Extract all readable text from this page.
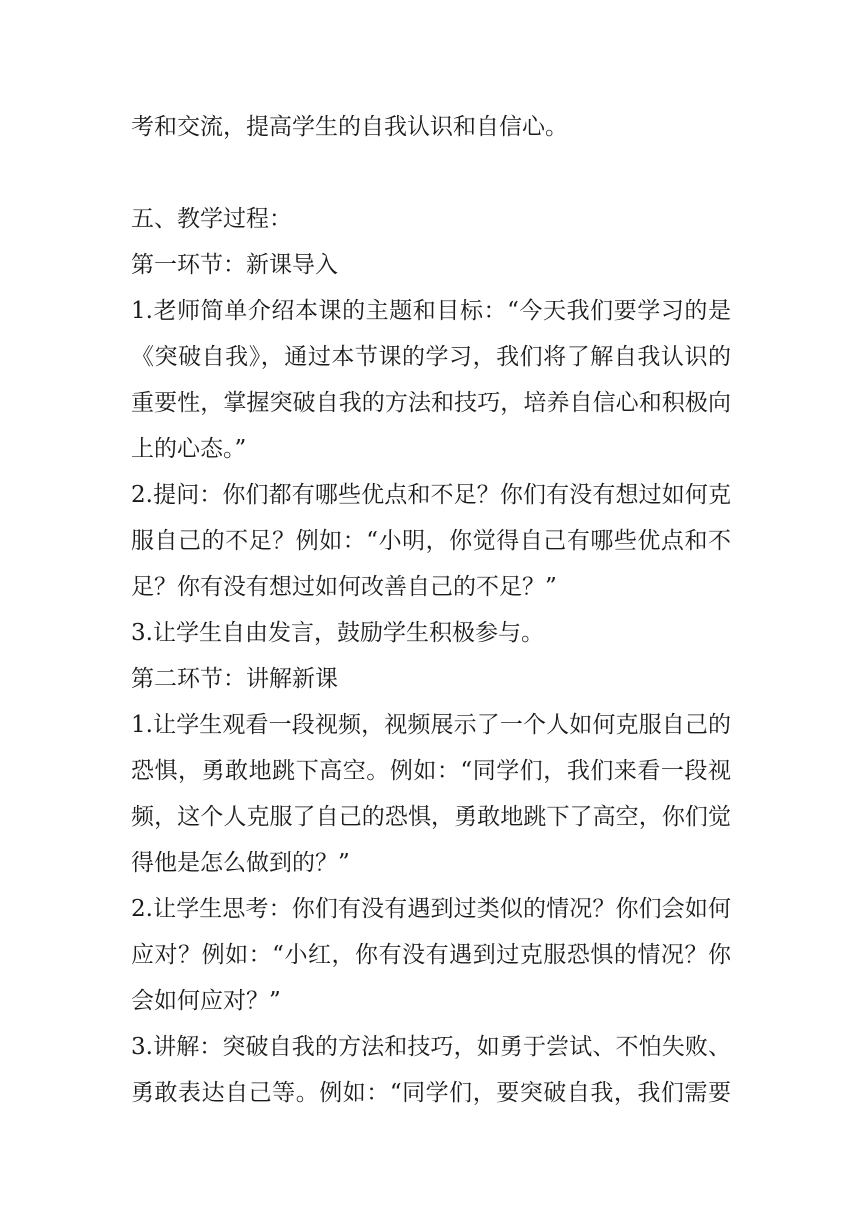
考和交流，提高学生的自我认识和自信心。
五、教学过程：
第一环节：新课导入
1.老师简单介绍本课的主题和目标：“今天我们要学习的是
《突破自我》，通过本节课的学习，我们将了解自我认识的
重要性，掌握突破自我的方法和技巧，培养自信心和积极向
上的心态。”
2.提问：你们都有哪些优点和不足？你们有没有想过如何克
服自己的不足？例如：“小明，你觉得自己有哪些优点和不
足？你有没有想过如何改善自己的不足？”
3.让学生自由发言，鼓励学生积极参与。
第二环节：讲解新课
1.让学生观看一段视频，视频展示了一个人如何克服自己的
恐惧，勇敢地跳下高空。例如：“同学们，我们来看一段视
频，这个人克服了自己的恐惧，勇敢地跳下了高空，你们觉
得他是怎么做到的？”
2.让学生思考：你们有没有遇到过类似的情况？你们会如何
应对？例如：“小红，你有没有遇到过克服恐惧的情况？你
会如何应对？”
3.讲解：突破自我的方法和技巧，如勇于尝试、不怕失败、
勇敢表达自己等。例如：“同学们，要突破自我，我们需要
